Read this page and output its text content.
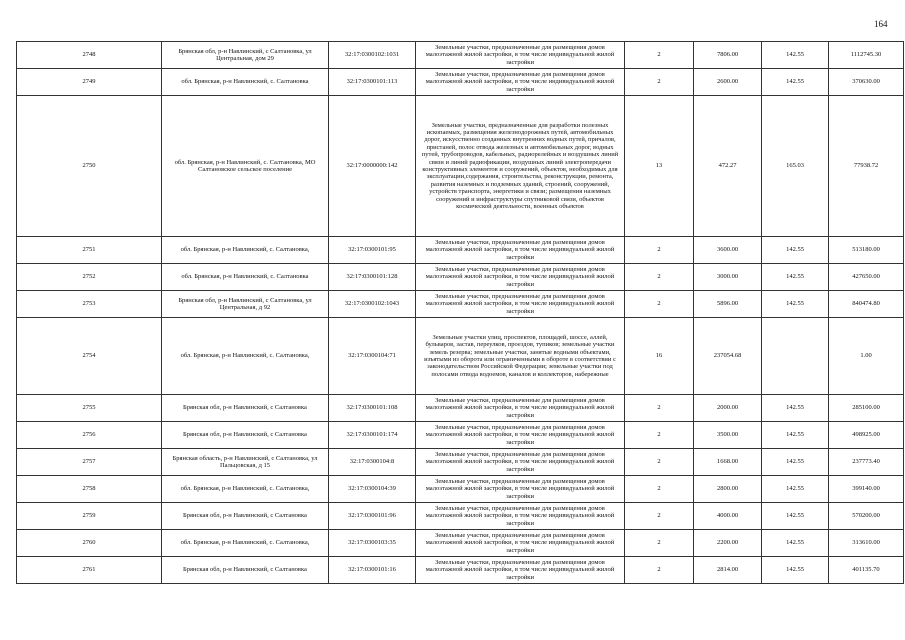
164
2748	Брянская обл, р-н Навлинский, с Салтановка, ул Центральная, дом 29	32:17:0300102:1031	Земельные участки, предназначенные для размещения домов малоэтажной жилой застройки, в том числе индивидуальной жилой застройки	2	7806.00	142.55	1112745.30
2749	обл. Брянская, р-н Навлинский, с. Салтановка	32:17:0300101:113	Земельные участки, предназначенные для размещения домов малоэтажной жилой застройки, в том числе индивидуальной жилой застройки	2	2600.00	142.55	370630.00
2750	обл. Брянская, р-н Навлинский, с. Салтановка, МО Салтановское сельское поселение	32:17:0000000:142	Земельные участки, предназначенные для разработки полезных ископаемых, размещения железнодорожных путей, автомобильных дорог, искусственно созданных внутренних водных путей, причалов, пристаней, полос отвода железных и автомобильных дорог, водных путей, трубопроводов, кабельных, радиорелейных и воздушных линий связи и линий радиофикации, воздушных линий электропередачи конструктивных элементов и сооружений, объектов, необходимых для эксплуатации,содержания, строительства, реконструкции, ремонта, развития наземных и подземных зданий, строений, сооружений, устройств транспорта, энергетики и связи; размещения наземных сооружений и инфраструктуры спутниковой связи, объектов космической деятельности, военных объектов	13	472.27	165.03	77938.72
2751	обл. Брянская, р-н Навлинский, с. Салтановка,	32:17:0300101:95	Земельные участки, предназначенные для размещения домов малоэтажной жилой застройки, в том числе индивидуальной жилой застройки	2	3600.00	142.55	513180.00
2752	обл. Брянская, р-н Навлинский, с. Салтановка	32:17:0300101:128	Земельные участки, предназначенные для размещения домов малоэтажной жилой застройки, в том числе индивидуальной жилой застройки	2	3000.00	142.55	427650.00
2753	Брянская обл, р-н Навлинский, с Салтановка, ул Центральная, д 92	32:17:0300102:1043	Земельные участки, предназначенные для размещения домов малоэтажной жилой застройки, в том числе индивидуальной жилой застройки	2	5896.00	142.55	840474.80
2754	обл. Брянская, р-н Навлинский, с. Салтановка,	32:17:0300104:71	Земельные участки улиц, проспектов, площадей, шоссе, аллей, бульваров, застав, переулков, проездов, тупиков; земельные участки земель резерва; земельные участки, занятые водными объектами, изъятыми из оборота или ограниченными в обороте в соответствии с законодательством Российской Федерации; земельные участки под полосами отвода водоемов, каналов и коллекторов, набережные	16	237054.68		1.00
2755	Брянская обл, р-н Навлинский, с Салтановка	32:17:0300101:108	Земельные участки, предназначенные для размещения домов малоэтажной жилой застройки, в том числе индивидуальной жилой застройки	2	2000.00	142.55	285100.00
2756	Брянская обл, р-н Навлинский, с Салтановка	32:17:0300101:174	Земельные участки, предназначенные для размещения домов малоэтажной жилой застройки, в том числе индивидуальной жилой застройки	2	3500.00	142.55	498925.00
2757	Брянская область, р-н Навлинский, с Салтановка, ул Пальцовская, д 15	32:17:0300104:8	Земельные участки, предназначенные для размещения домов малоэтажной жилой застройки, в том числе индивидуальной жилой застройки	2	1668.00	142.55	237773.40
2758	обл. Брянская, р-н Навлинский, с. Салтановка,	32:17:0300104:39	Земельные участки, предназначенные для размещения домов малоэтажной жилой застройки, в том числе индивидуальной жилой застройки	2	2800.00	142.55	399140.00
2759	Брянская обл, р-н Навлинский, с Салтановка	32:17:0300101:96	Земельные участки, предназначенные для размещения домов малоэтажной жилой застройки, в том числе индивидуальной жилой застройки	2	4000.00	142.55	570200.00
2760	обл. Брянская, р-н Навлинский, с. Салтановка,	32:17:0300103:35	Земельные участки, предназначенные для размещения домов малоэтажной жилой застройки, в том числе индивидуальной жилой застройки	2	2200.00	142.55	313610.00
2761	Брянская обл, р-н Навлинский, с Салтановка	32:17:0300101:16	Земельные участки, предназначенные для размещения домов малоэтажной жилой застройки, в том числе индивидуальной жилой застройки	2	2814.00	142.55	401135.70
